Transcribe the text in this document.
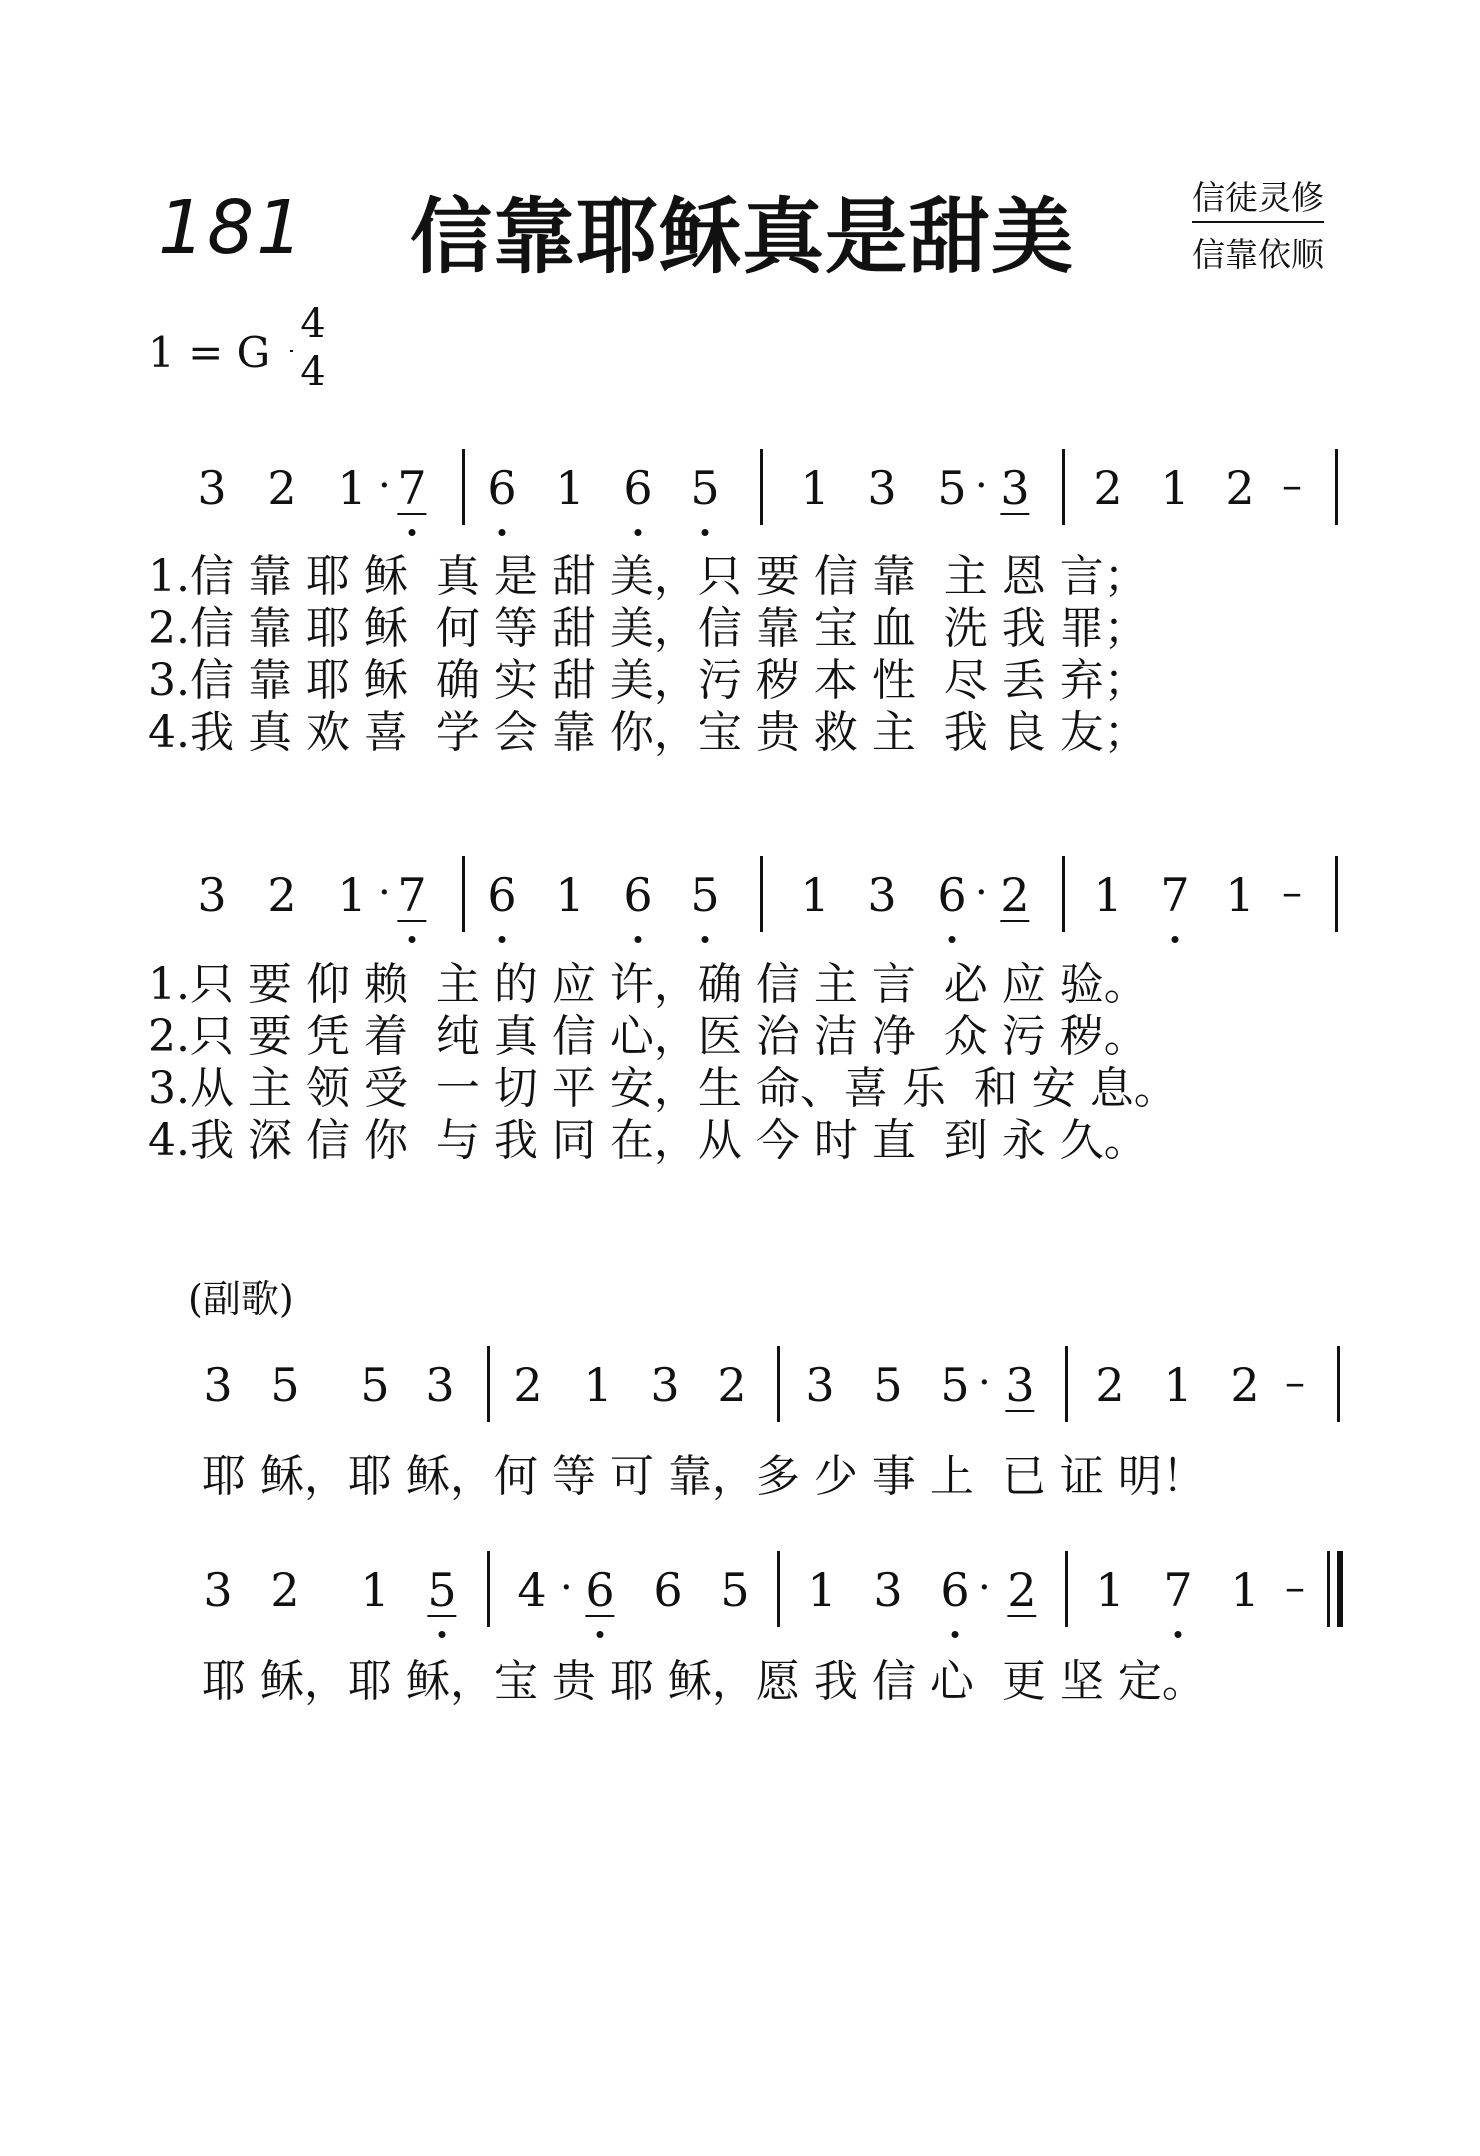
181 信靠耶稣真是甜美	信徒灵修
信靠依顺
1 = G
4
4
(副歌)
3 2 1 7 6 1 6 5 1 3 5 3 2 1 2
·	·	–
1.信 靠 耶 稣  真 是 甜 美，只 要 信 靠  主 恩 言；
2.信 靠 耶 稣  何 等 甜 美，信 靠 宝 血  洗 我 罪；
3.信 靠 耶 稣  确 实 甜 美，污 秽 本 性  尽 丢 弃；
4.我 真 欢 喜  学 会 靠 你，宝 贵 救 主  我 良 友；
3 2 1 7 6 1 6 5 1 3 6 2 1 7 1
·	·	–
1.只 要 仰 赖  主 的 应 许，确 信 主 言  必 应 验。
2.只 要 凭 着  纯 真 信 心，医 治 洁 净  众 污 秽。
3.从 主 领 受  一 切 平 安，生 命、喜 乐  和 安 息。
4.我 深 信 你  与 我 同 在，从 今 时 直  到 永 久。
3 5 5 3 2 1 3 2 3 5 5 3 2 1 2
·	–
耶 稣，耶 稣，何 等 可 靠，多 少 事 上  已 证 明！
3 2 1 5 4 6 6 5 1 3 6 2 1 7 1
·	·	–
耶 稣，耶 稣，宝 贵 耶 稣，愿 我 信 心  更 坚 定。
